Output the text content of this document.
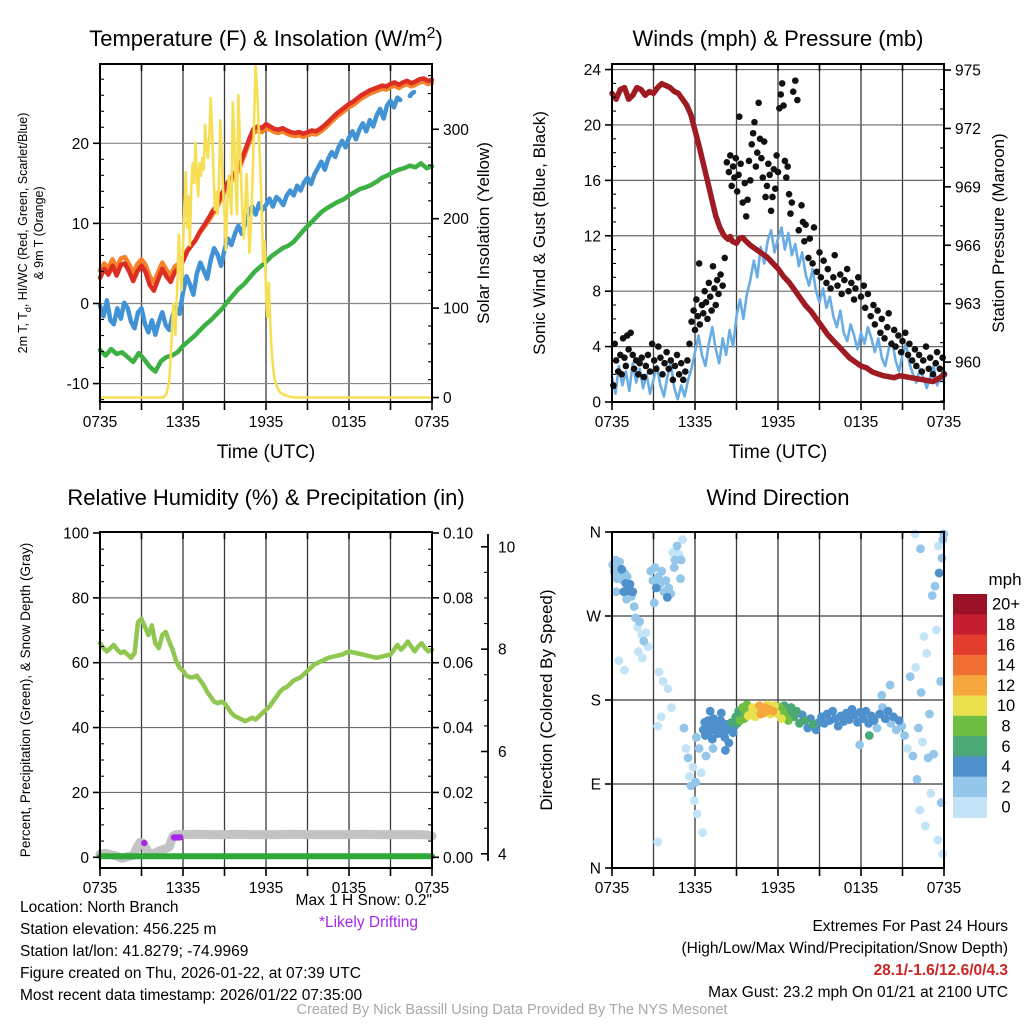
0735	1335	1935	0135	0735
-10
0
10
20
2m T, $T_d$, HI/WC (Red, Green, Scarlet/Blue) & 9m T (Orange)
0
100
200
300
Solar Insolation (Yellow)
Temperature (F) & Insolation $(W/m^2)$
Time (UTC)
0735	1335	1935	0135	0735
0
4
8
12
16
20
24
Sonic Wind & Gust (Blue, Black)
960
963
966
969
972
975
Station Pressure (Maroon)
Winds (mph) & Pressure (mb)
Time (UTC)
0735	1335	1935	0135	0735
0
20
40
60
80
100
Percent, Precipitation (Green), & Snow Depth (Gray)
0.00
0.02
0.04
0.06
0.08
0.10
4
6
8
10
Relative Humidity (%) & Precipitation (in)
0735	1335	1935	0135	0735
N
W
S
E
N
Direction (Colored By Speed)
mph
20+
18
16
14
12
10
8
6
4
2
0
Wind Direction
Location: North Branch
Station elevation: 456.225 m
Station lat/lon: 41.8279; -74.9969
Figure created on Thu, 2026-01-22, at 07:39 UTC
Most recent data timestamp: 2026/01/22 07:35:00
Max 1 H Snow: 0.2"
*Likely Drifting	Extremes For Past 24 Hours
(High/Low/Max Wind/Precipitation/Snow Depth)
28.1/-1.6/12.6/0/4.3
Max Gust: 23.2 mph On 01/21 at 2100 UTC
Created By Nick Bassill Using Data Provided By The NYS Mesonet
